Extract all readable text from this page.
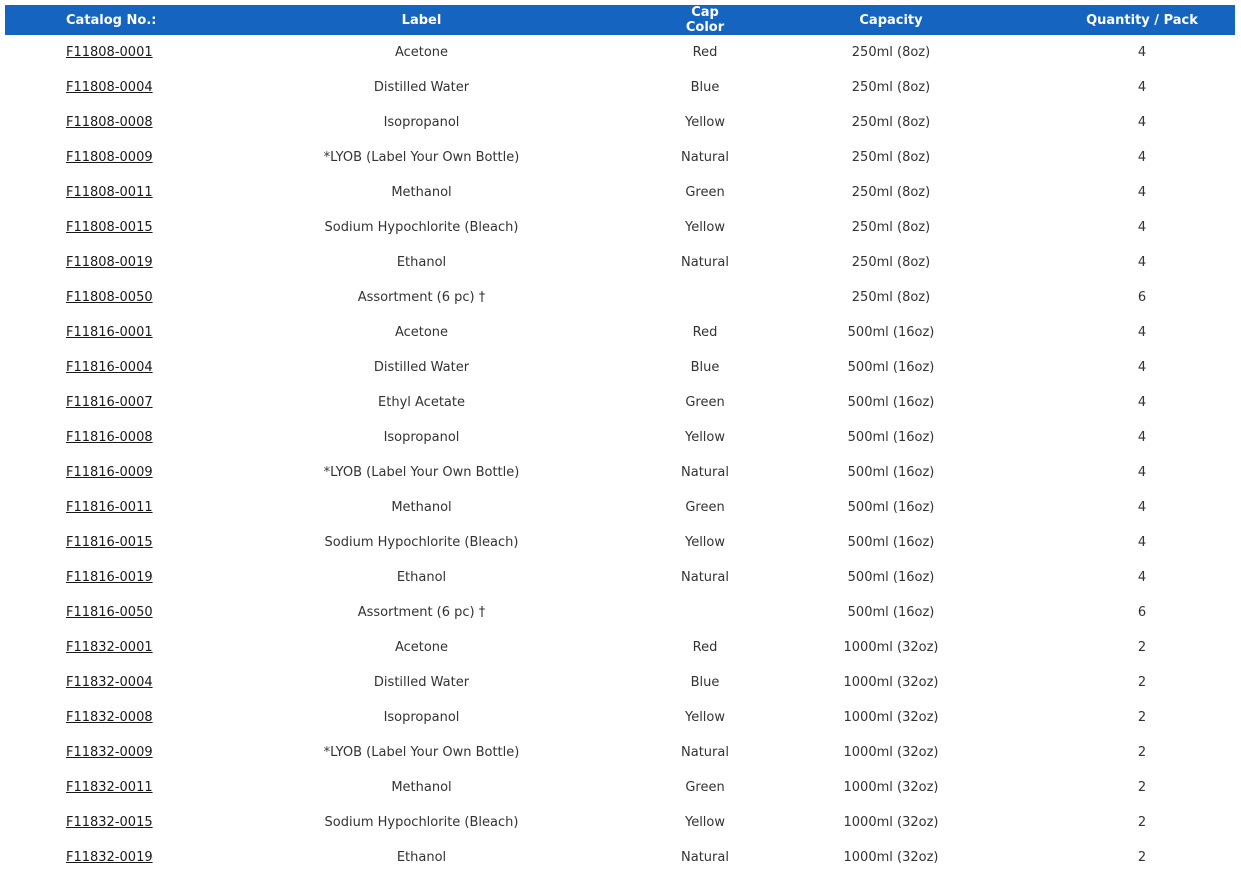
Catalog No.:	Label	Cap Color	Capacity	Quantity / Pack
F11808-0001	Acetone	Red	250ml (8oz)	4
F11808-0004	Distilled Water	Blue	250ml (8oz)	4
F11808-0008	Isopropanol	Yellow	250ml (8oz)	4
F11808-0009	*LYOB (Label Your Own Bottle)	Natural	250ml (8oz)	4
F11808-0011	Methanol	Green	250ml (8oz)	4
F11808-0015	Sodium Hypochlorite (Bleach)	Yellow	250ml (8oz)	4
F11808-0019	Ethanol	Natural	250ml (8oz)	4
F11808-0050	Assortment (6 pc) †		250ml (8oz)	6
F11816-0001	Acetone	Red	500ml (16oz)	4
F11816-0004	Distilled Water	Blue	500ml (16oz)	4
F11816-0007	Ethyl Acetate	Green	500ml (16oz)	4
F11816-0008	Isopropanol	Yellow	500ml (16oz)	4
F11816-0009	*LYOB (Label Your Own Bottle)	Natural	500ml (16oz)	4
F11816-0011	Methanol	Green	500ml (16oz)	4
F11816-0015	Sodium Hypochlorite (Bleach)	Yellow	500ml (16oz)	4
F11816-0019	Ethanol	Natural	500ml (16oz)	4
F11816-0050	Assortment (6 pc) †		500ml (16oz)	6
F11832-0001	Acetone	Red	1000ml (32oz)	2
F11832-0004	Distilled Water	Blue	1000ml (32oz)	2
F11832-0008	Isopropanol	Yellow	1000ml (32oz)	2
F11832-0009	*LYOB (Label Your Own Bottle)	Natural	1000ml (32oz)	2
F11832-0011	Methanol	Green	1000ml (32oz)	2
F11832-0015	Sodium Hypochlorite (Bleach)	Yellow	1000ml (32oz)	2
F11832-0019	Ethanol	Natural	1000ml (32oz)	2
